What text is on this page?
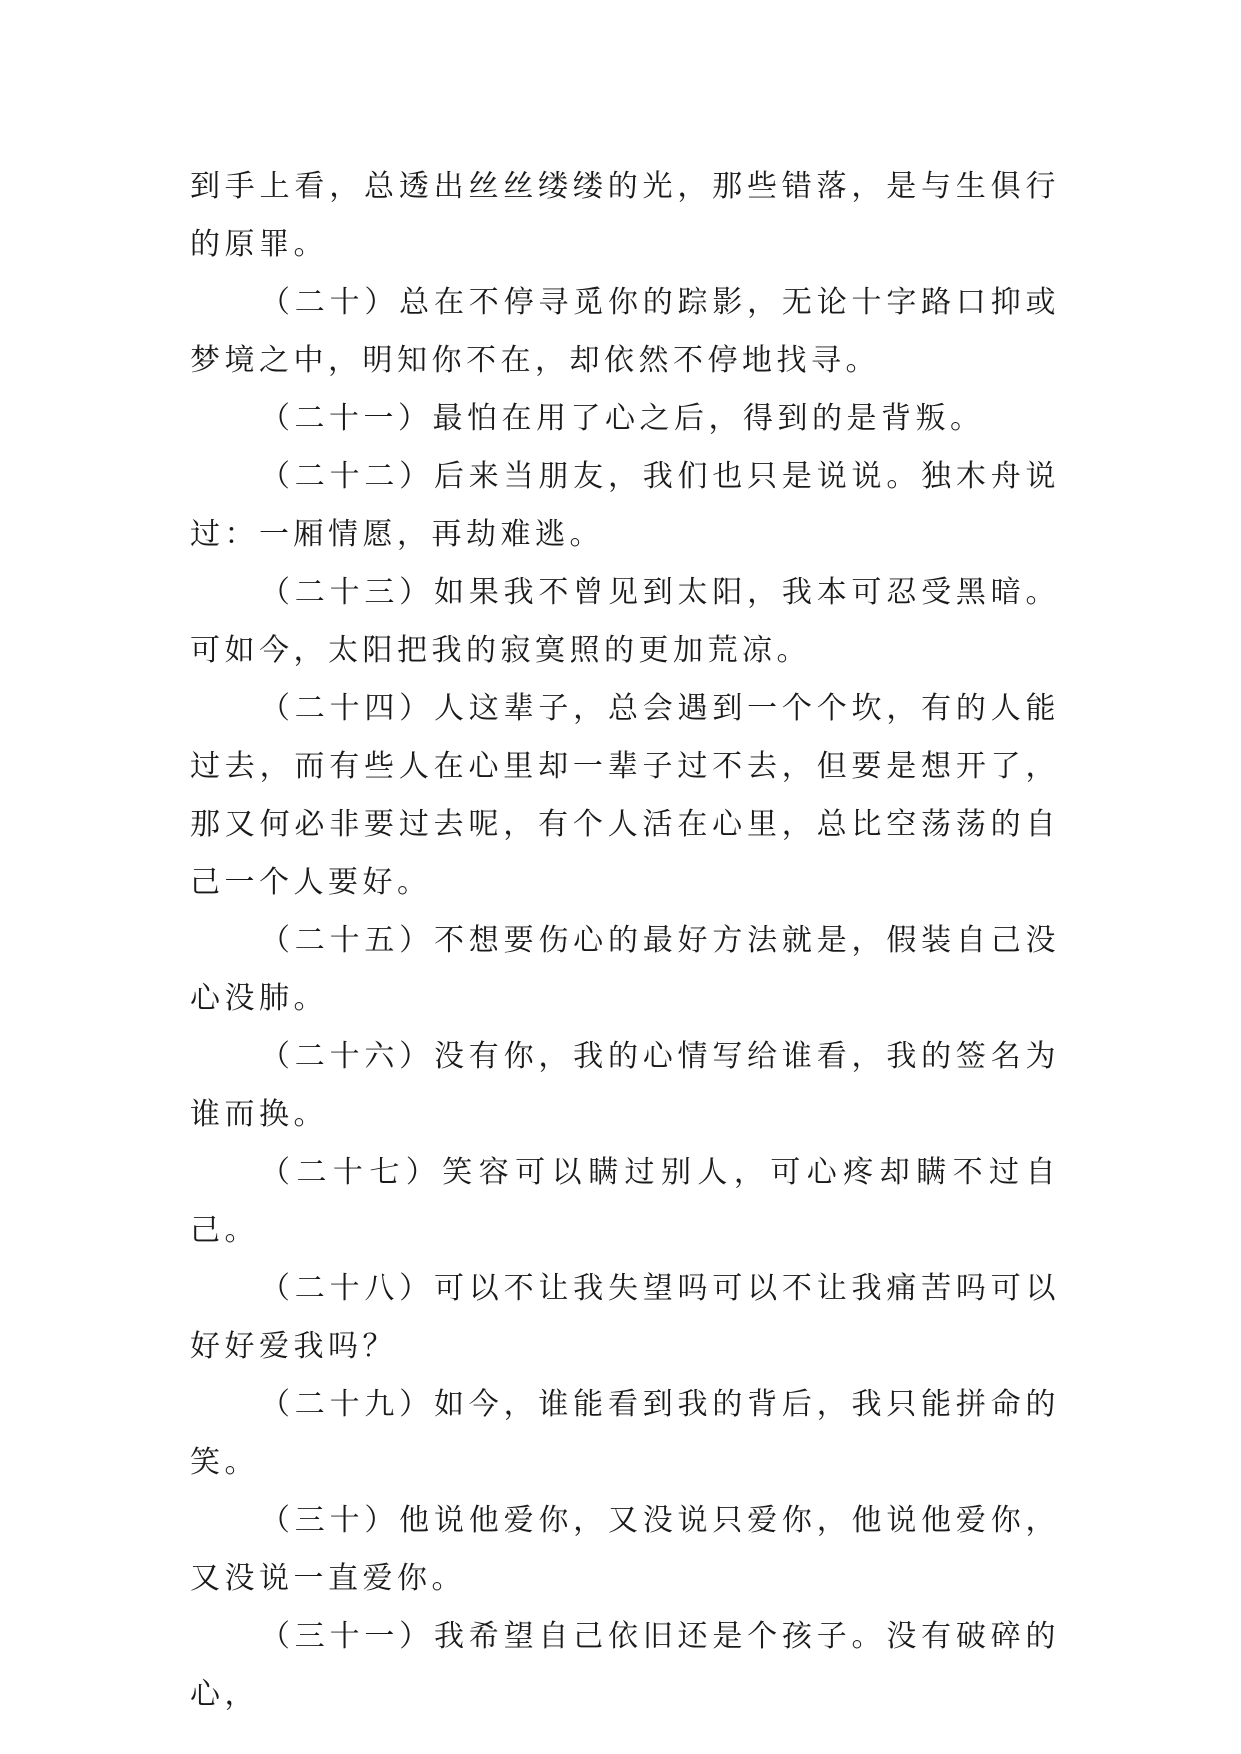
到手上看，总透出丝丝缕缕的光，那些错落，是与生俱行的原罪。

（二十）总在不停寻觅你的踪影，无论十字路口抑或梦境之中，明知你不在，却依然不停地找寻。

（二十一）最怕在用了心之后，得到的是背叛。

（二十二）后来当朋友，我们也只是说说。独木舟说过：一厢情愿，再劫难逃。

（二十三）如果我不曾见到太阳，我本可忍受黑暗。可如今，太阳把我的寂寞照的更加荒凉。

（二十四）人这辈子，总会遇到一个个坎，有的人能过去，而有些人在心里却一辈子过不去，但要是想开了，那又何必非要过去呢，有个人活在心里，总比空荡荡的自己一个人要好。

（二十五）不想要伤心的最好方法就是，假装自己没心没肺。

（二十六）没有你，我的心情写给谁看，我的签名为谁而换。

（二十七）笑容可以瞒过别人，可心疼却瞒不过自己。

（二十八）可以不让我失望吗可以不让我痛苦吗可以好好爱我吗？

（二十九）如今，谁能看到我的背后，我只能拼命的笑。

（三十）他说他爱你，又没说只爱你，他说他爱你，又没说一直爱你。

（三十一）我希望自己依旧还是个孩子。没有破碎的心，
